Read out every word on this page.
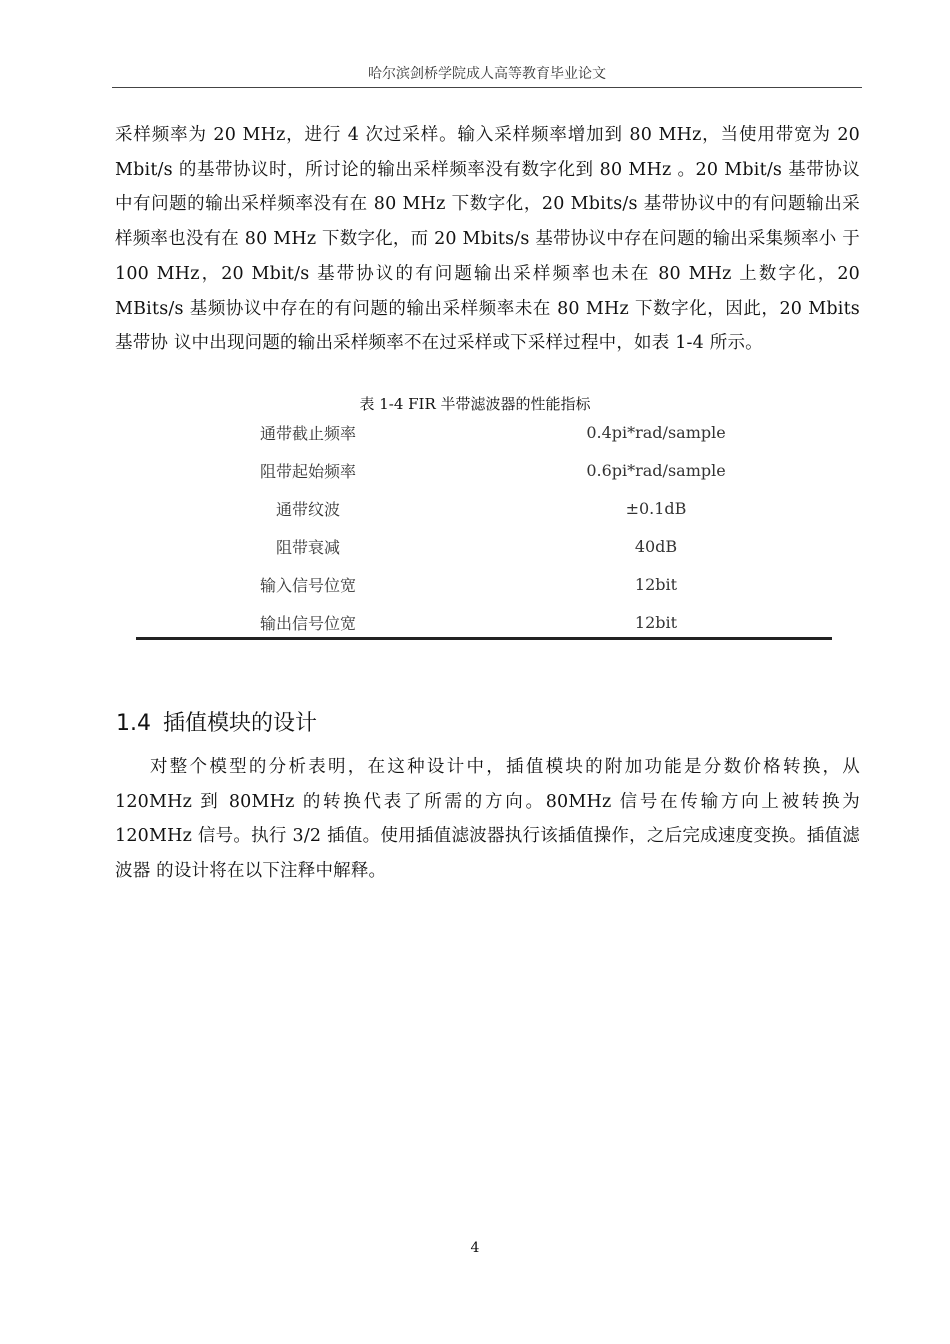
哈尔滨剑桥学院成人高等教育毕业论文

采样频率为 20 MHz，进行 4 次过采样。输入采样频率增加到 80 MHz，当使用带宽为 20 Mbit/s 的基带协议时，所讨论的输出采样频率没有数字化到 80 MHz 。20 Mbit/s 基带协议 中有问题的输出采样频率没有在 80 MHz 下数字化，20 Mbits/s 基带协议中的有问题输出采 样频率也没有在 80 MHz 下数字化，而 20 Mbits/s 基带协议中存在问题的输出采集频率小 于 100 MHz，20 Mbit/s 基带协议的有问题输出采样频率也未在 80 MHz 上数字化，20 MBits/s 基频协议中存在的有问题的输出采样频率未在 80 MHz 下数字化，因此，20 Mbits 基带协 议中出现问题的输出采样频率不在过采样或下采样过程中，如表 1-4 所示。

表 1-4 FIR 半带滤波器的性能指标
通带截止频率	0.4pi*rad/sample
阻带起始频率	0.6pi*rad/sample
通带纹波	±0.1dB
阻带衰减	40dB
输入信号位宽	12bit
输出信号位宽	12bit
1.4 插值模块的设计

对整个模型的分析表明，在这种设计中，插值模块的附加功能是分数价格转换，从 120MHz 到 80MHz 的转换代表了所需的方向。80MHz 信号在传输方向上被转换为 120MHz 信号。执行 3/2 插值。使用插值滤波器执行该插值操作，之后完成速度变换。插值滤波器 的设计将在以下注释中解释。

4
